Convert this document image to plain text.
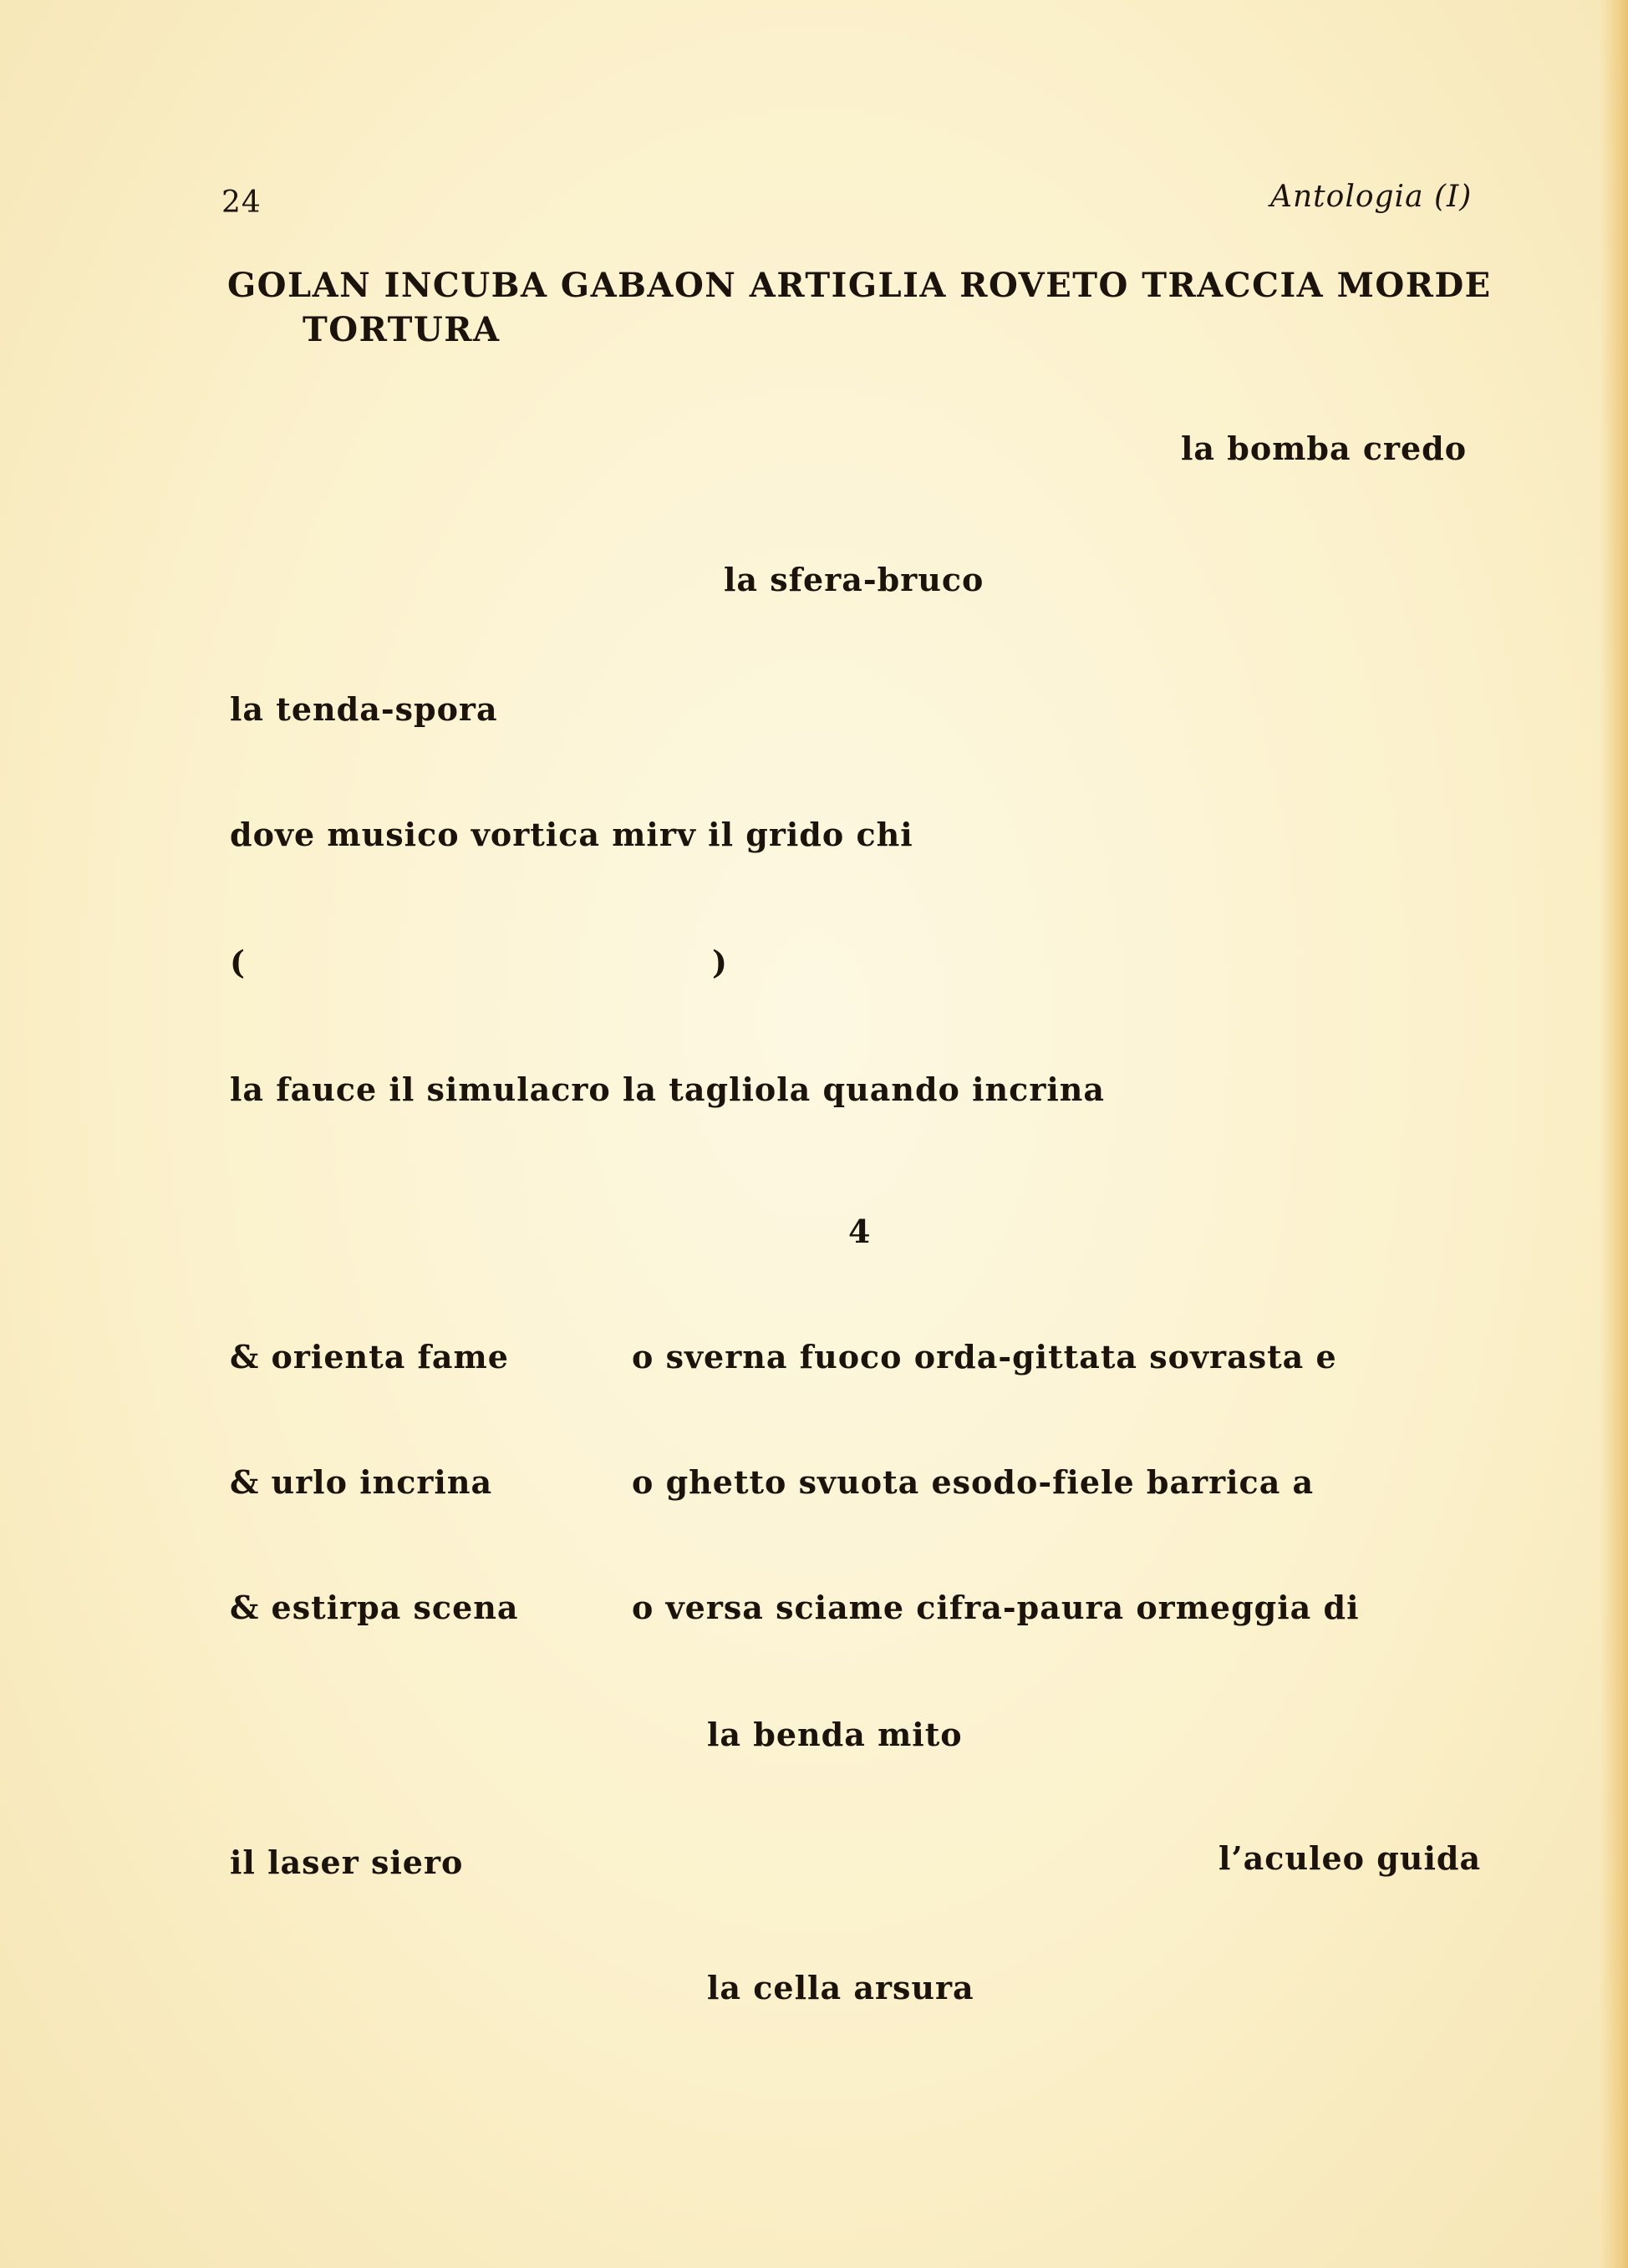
24	Antologia (I)
GOLAN INCUBA GABAON ARTIGLIA ROVETO TRACCIA MORDE
TORTURA
la bomba credo
la sfera-bruco
la tenda-spora
dove musico vortica mirv il grido chi
(	)
la fauce il simulacro la tagliola quando incrina
4
& orienta fame	o sverna fuoco orda-gittata sovrasta e
& urlo incrina	o ghetto svuota esodo-fiele barrica a
& estirpa scena	o versa sciame cifra-paura ormeggia di
la benda mito
il laser siero	l’aculeo guida
la cella arsura
